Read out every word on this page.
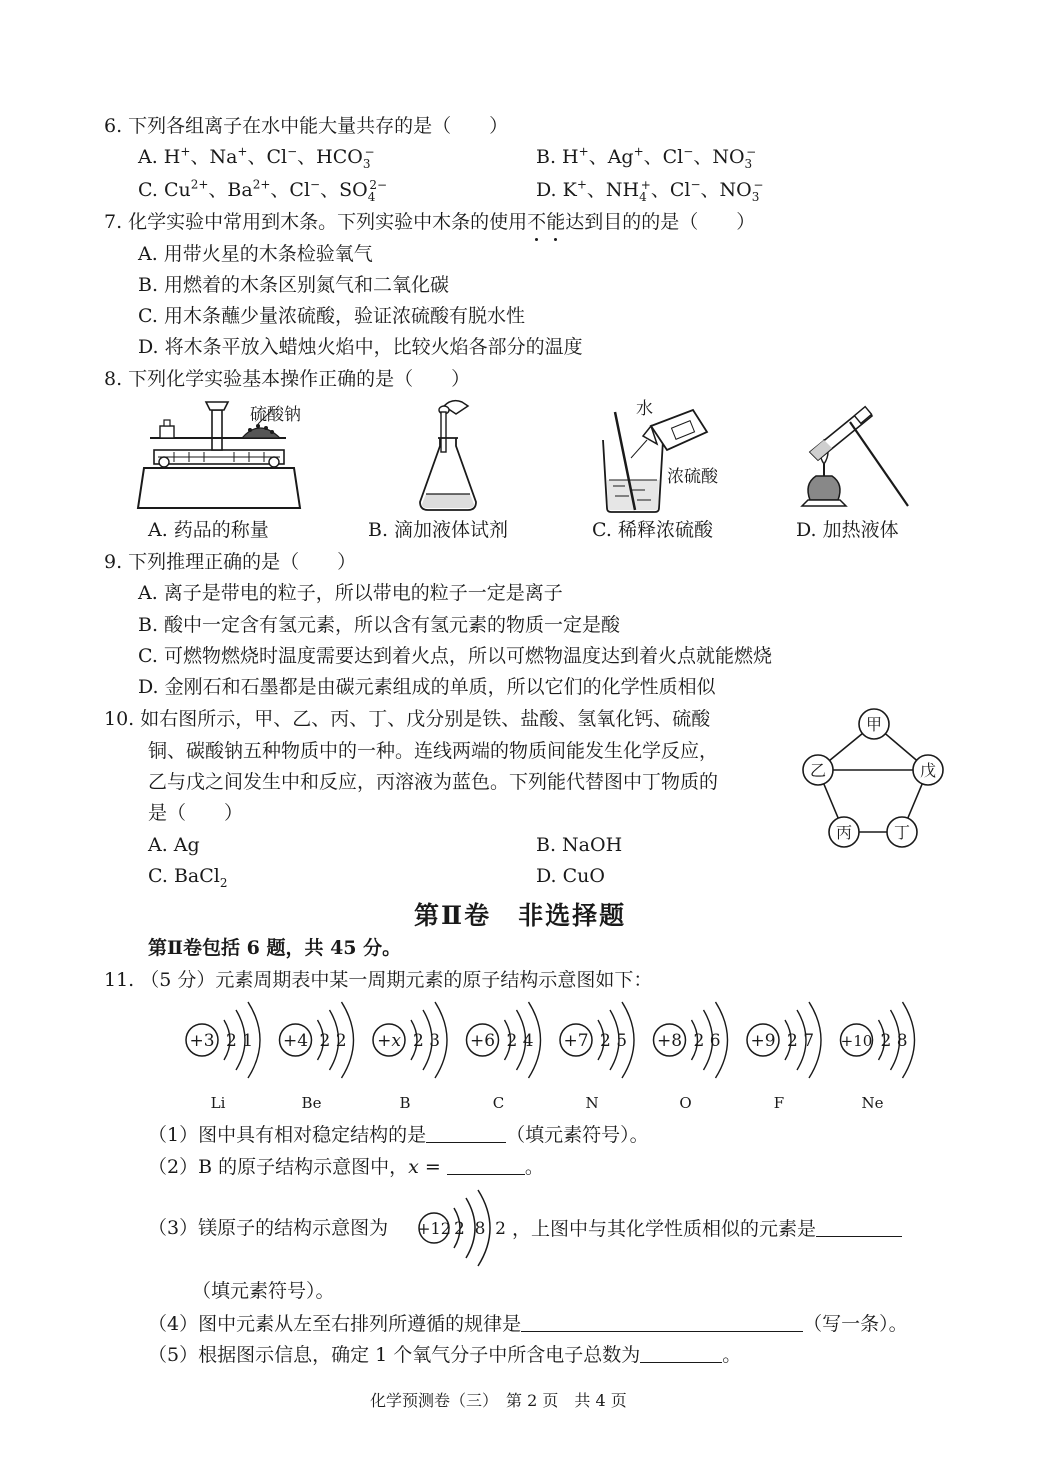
6. 下列各组离子在水中能大量共存的是（　　）
A. H+、Na+、Cl−、$HCO_3^-$	B. H+、Ag+、Cl−、$NO_3^-$
C. $Cu^{2+}$、$Ba^{2+}$、Cl−、$SO_4^{2-}$	D. K+、$NH_4^+$、Cl−、$NO_3^-$
7. 化学实验中常用到木条。下列实验中木条的使用不能达到目的的是（　　）
A. 用带火星的木条检验氧气
B. 用燃着的木条区别氮气和二氧化碳
C. 用木条蘸少量浓硫酸，验证浓硫酸有脱水性
D. 将木条平放入蜡烛火焰中，比较火焰各部分的温度
8. 下列化学实验基本操作正确的是（　　）
硫酸钠	水
浓硫酸
A. 药品的称量	B. 滴加液体试剂	C. 稀释浓硫酸	D. 加热液体
9. 下列推理正确的是（　　）
A. 离子是带电的粒子，所以带电的粒子一定是离子
B. 酸中一定含有氢元素，所以含有氢元素的物质一定是酸
C. 可燃物燃烧时温度需要达到着火点，所以可燃物温度达到着火点就能燃烧
D. 金刚石和石墨都是由碳元素组成的单质，所以它们的化学性质相似
10. 如右图所示，甲、乙、丙、丁、戊分别是铁、盐酸、氢氧化钙、硫酸
铜、碳酸钠五种物质中的一种。连线两端的物质间能发生化学反应，
乙与戊之间发生中和反应，丙溶液为蓝色。下列能代替图中丁物质的
是（　　）
甲
乙	戊
丙	丁
A. Ag	B. NaOH
C. BaCl$_2$	D. CuO
第Ⅱ卷　非选择题
第Ⅱ卷包括 6 题，共 45 分。
11. （5 分）元素周期表中某一周期元素的原子结构示意图如下：
+3 2 1
Li
+4 2 2
Be
+x 2 3
B
+6 2 4
C
+7 2 5
N
+8 2 6
O
+9 2 7
F
+10 2 8
Ne
（1）图中具有相对稳定结构的是	（填元素符号）。
（2）B 的原子结构示意图中，x =	。
（3）镁原子的结构示意图为 +12 2 8 2 ，上图中与其化学性质相似的元素是
（填元素符号）。
（4）图中元素从左至右排列所遵循的规律是	（写一条）。
（5）根据图示信息，确定 1 个氧气分子中所含电子总数为	。
化学预测卷（三）　第 2 页　共 4 页
